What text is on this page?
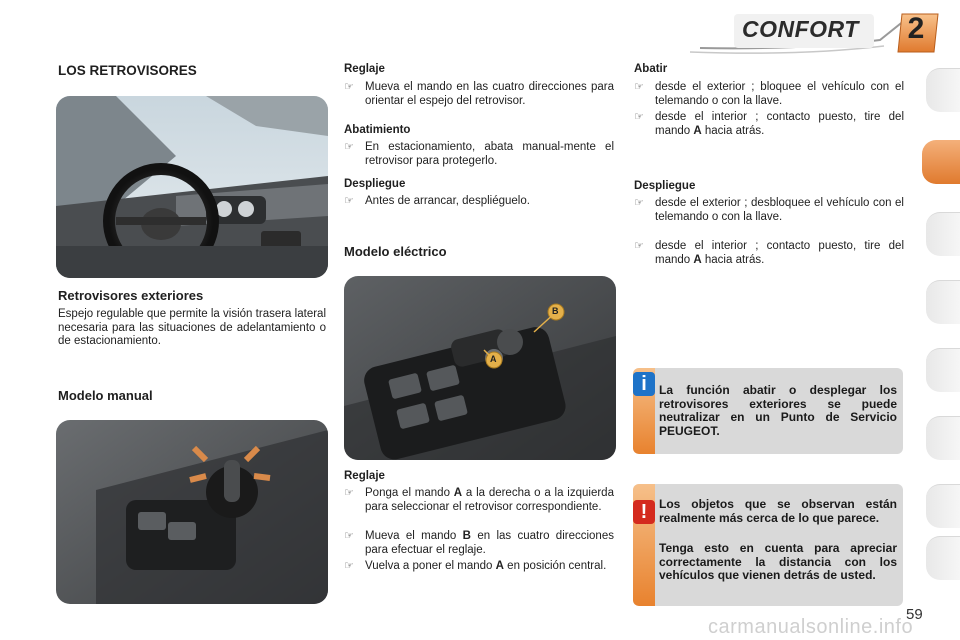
CONFORT	2
LOS RETROVISORES
Retrovisores exteriores
Espejo regulable que permite la visión trasera lateral necesaria para las situaciones de adelantamiento o de estacionamiento.
Modelo manual
Reglaje
☞ Mueva el mando en las cuatro direcciones para orientar el espejo del retrovisor.
Abatimiento
☞ En estacionamiento, abata manual-mente el retrovisor para protegerlo.
Despliegue
☞ Antes de arrancar, despliéguelo.
Modelo eléctrico
A
B
Reglaje
☞ Ponga el mando A a la derecha o a la izquierda para seleccionar el retrovisor correspondiente.
☞ Mueva el mando B en las cuatro direcciones para efectuar el reglaje.
☞ Vuelva a poner el mando A en posición central.
Abatir
☞ desde el exterior ; bloquee el vehículo con el telemando o con la llave.
☞ desde el interior ; contacto puesto, tire del mando A hacia atrás.
Despliegue
☞ desde el exterior ; desbloquee el vehículo con el telemando o con la llave.
☞ desde el interior ; contacto puesto, tire del mando A hacia atrás.
i	La función abatir o desplegar los retrovisores exteriores se puede neutralizar en un Punto de Servicio PEUGEOT.
! Los objetos que se observan están realmente más cerca de lo que parece.
Tenga esto en cuenta para apreciar correctamente la distancia con los vehículos que vienen detrás de usted.
59
carmanualsonline.info
